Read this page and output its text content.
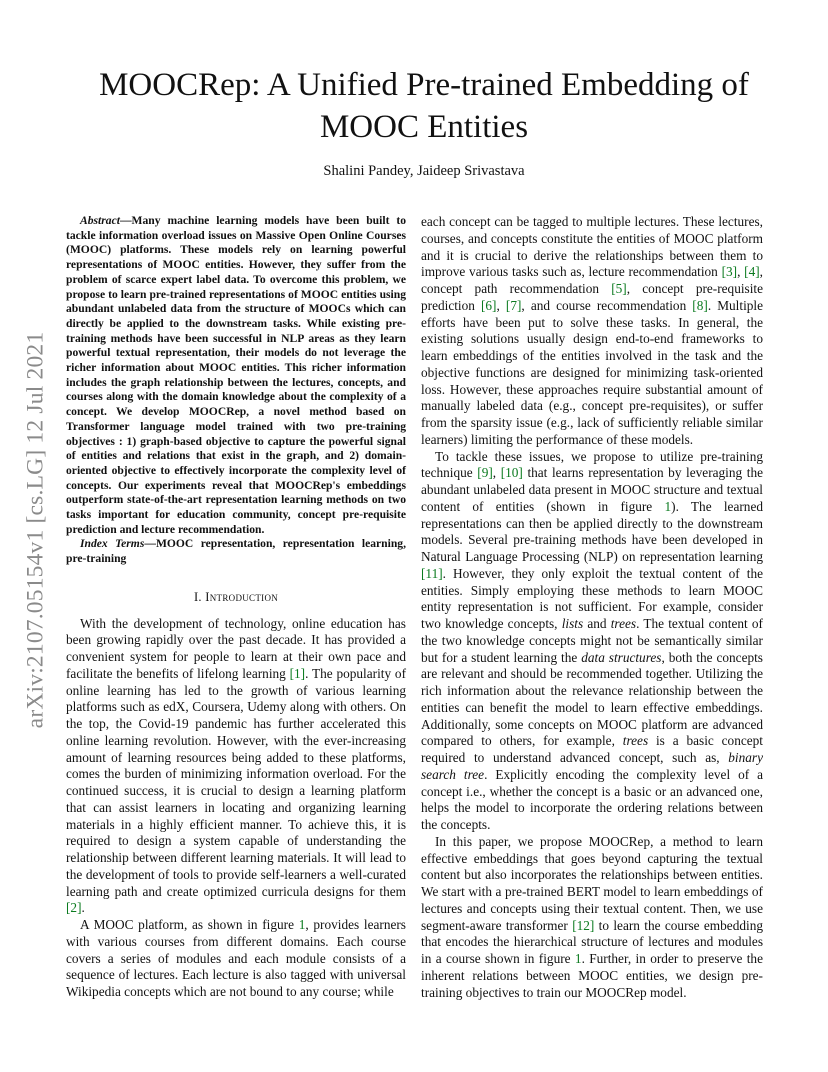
arXiv:2107.05154v1 [cs.LG] 12 Jul 2021
MOOCRep: A Unified Pre-trained Embedding of
MOOC Entities
Shalini Pandey, Jaideep Srivastava

Abstract—Many machine learning models have been built to tackle information overload issues on Massive Open Online Courses (MOOC) platforms. These models rely on learning powerful representations of MOOC entities. However, they suffer from the problem of scarce expert label data. To overcome this problem, we propose to learn pre-trained representations of MOOC entities using abundant unlabeled data from the structure of MOOCs which can directly be applied to the downstream tasks. While existing pre-training methods have been successful in NLP areas as they learn powerful textual representation, their models do not leverage the richer information about MOOC entities. This richer information includes the graph relationship between the lectures, concepts, and courses along with the domain knowledge about the complexity of a concept. We develop MOOCRep, a novel method based on Transformer language model trained with two pre-training objectives : 1) graph-based objective to capture the powerful signal of entities and relations that exist in the graph, and 2) domain-oriented objective to effectively incorporate the complexity level of concepts. Our experiments reveal that MOOCRep's embeddings outperform state-of-the-art representation learning methods on two tasks important for education community, concept pre-requisite prediction and lecture recommendation.

Index Terms—MOOC representation, representation learning, pre-training

I. Introduction

With the development of technology, online education has been growing rapidly over the past decade. It has provided a convenient system for people to learn at their own pace and facilitate the benefits of lifelong learning [1]. The popularity of online learning has led to the growth of various learning platforms such as edX, Coursera, Udemy along with others. On the top, the Covid-19 pandemic has further accelerated this online learning revolution. However, with the ever-increasing amount of learning resources being added to these platforms, comes the burden of minimizing information overload. For the continued success, it is crucial to design a learning platform that can assist learners in locating and organizing learning materials in a highly efficient manner. To achieve this, it is required to design a system capable of understanding the relationship between different learning materials. It will lead to the development of tools to provide self-learners a well-curated learning path and create optimized curricula designs for them [2].

A MOOC platform, as shown in figure 1, provides learners with various courses from different domains. Each course covers a series of modules and each module consists of a sequence of lectures. Each lecture is also tagged with universal Wikipedia concepts which are not bound to any course; while

each concept can be tagged to multiple lectures. These lectures, courses, and concepts constitute the entities of MOOC platform and it is crucial to derive the relationships between them to improve various tasks such as, lecture recommendation [3], [4], concept path recommendation [5], concept pre-requisite prediction [6], [7], and course recommendation [8]. Multiple efforts have been put to solve these tasks. In general, the existing solutions usually design end-to-end frameworks to learn embeddings of the entities involved in the task and the objective functions are designed for minimizing task-oriented loss. However, these approaches require substantial amount of manually labeled data (e.g., concept pre-requisites), or suffer from the sparsity issue (e.g., lack of sufficiently reliable similar learners) limiting the performance of these models.

To tackle these issues, we propose to utilize pre-training technique [9], [10] that learns representation by leveraging the abundant unlabeled data present in MOOC structure and textual content of entities (shown in figure 1). The learned representations can then be applied directly to the downstream models. Several pre-training methods have been developed in Natural Language Processing (NLP) on representation learning [11]. However, they only exploit the textual content of the entities. Simply employing these methods to learn MOOC entity representation is not sufficient. For example, consider two knowledge concepts, lists and trees. The textual content of the two knowledge concepts might not be semantically similar but for a student learning the data structures, both the concepts are relevant and should be recommended together. Utilizing the rich information about the relevance relationship between the entities can benefit the model to learn effective embeddings. Additionally, some concepts on MOOC platform are advanced compared to others, for example, trees is a basic concept required to understand advanced concept, such as, binary search tree. Explicitly encoding the complexity level of a concept i.e., whether the concept is a basic or an advanced one, helps the model to incorporate the ordering relations between the concepts.

In this paper, we propose MOOCRep, a method to learn effective embeddings that goes beyond capturing the textual content but also incorporates the relationships between entities. We start with a pre-trained BERT model to learn embeddings of lectures and concepts using their textual content. Then, we use segment-aware transformer [12] to learn the course embedding that encodes the hierarchical structure of lectures and modules in a course shown in figure 1. Further, in order to preserve the inherent relations between MOOC entities, we design pre-training objectives to train our MOOCRep model.
